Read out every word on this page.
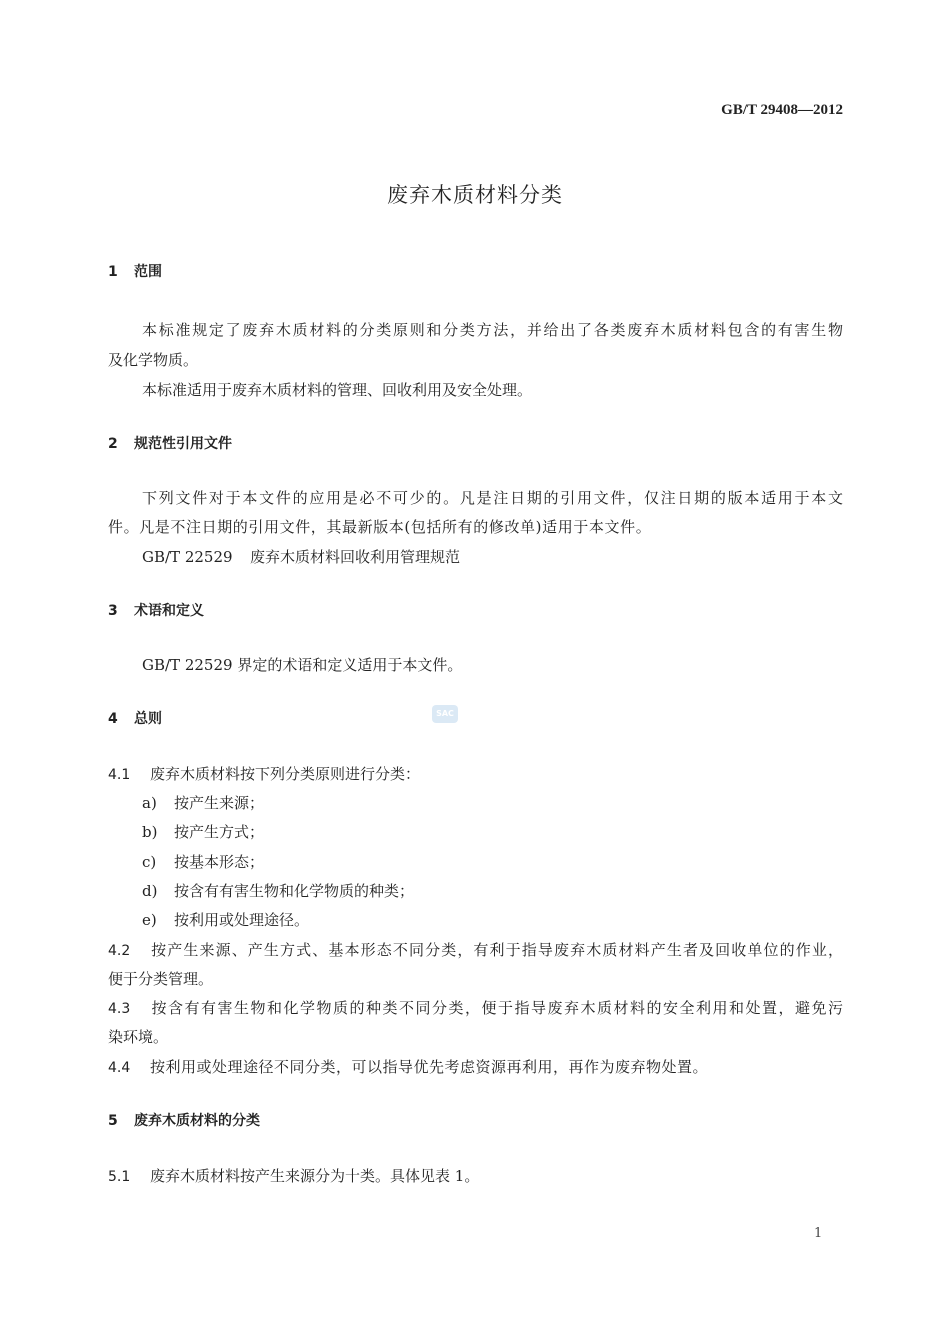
GB/T 29408—2012
废弃木质材料分类
1 范围
本标准规定了废弃木质材料的分类原则和分类方法，并给出了各类废弃木质材料包含的有害生物
及化学物质。
本标准适用于废弃木质材料的管理、回收利用及安全处理。
2 规范性引用文件
下列文件对于本文件的应用是必不可少的。凡是注日期的引用文件，仅注日期的版本适用于本文
件。凡是不注日期的引用文件，其最新版本(包括所有的修改单)适用于本文件。
GB/T 22529 废弃木质材料回收利用管理规范
3 术语和定义
GB/T 22529 界定的术语和定义适用于本文件。
4 总则	SAC
4.1 废弃木质材料按下列分类原则进行分类：
a) 按产生来源；
b) 按产生方式；
c) 按基本形态；
d) 按含有有害生物和化学物质的种类；
e) 按利用或处理途径。
4.2 按产生来源、产生方式、基本形态不同分类，有利于指导废弃木质材料产生者及回收单位的作业，
便于分类管理。
4.3 按含有有害生物和化学物质的种类不同分类，便于指导废弃木质材料的安全利用和处置，避免污
染环境。
4.4 按利用或处理途径不同分类，可以指导优先考虑资源再利用，再作为废弃物处置。
5 废弃木质材料的分类
5.1 废弃木质材料按产生来源分为十类。具体见表 1。
1
